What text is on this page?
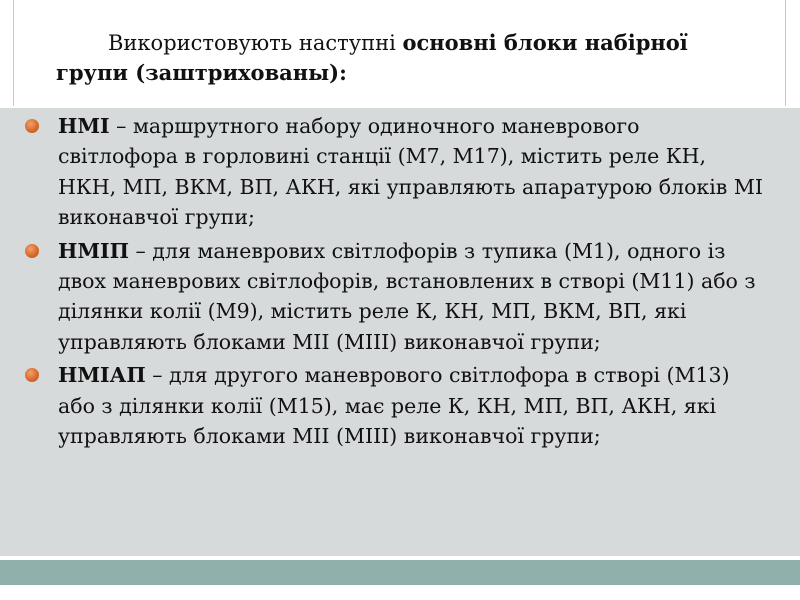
Використовують наступні основні блоки набірної групи (заштрихованы):

НМІ – маршрутного набору одиночного маневрового світлофора в горловині станції (М7, М17), містить реле КН, НКН, МП, ВКМ, ВП, АКН, які управляють апаратурою блоків МІ виконавчої групи;
НМІП – для маневрових світлофорів з тупика (М1), одного із двох маневрових світлофорів, встановлених в створі (М11) або з ділянки колії (М9), містить реле К, КН, МП, ВКМ, ВП, які управляють блоками МІІ (МІІІ) виконавчої групи;
НМІАП – для другого маневрового світлофора в створі (М13) або з ділянки колії (М15), має реле К, КН, МП, ВП, АКН, які управляють блоками МІІ (МІІІ) виконавчої групи;
